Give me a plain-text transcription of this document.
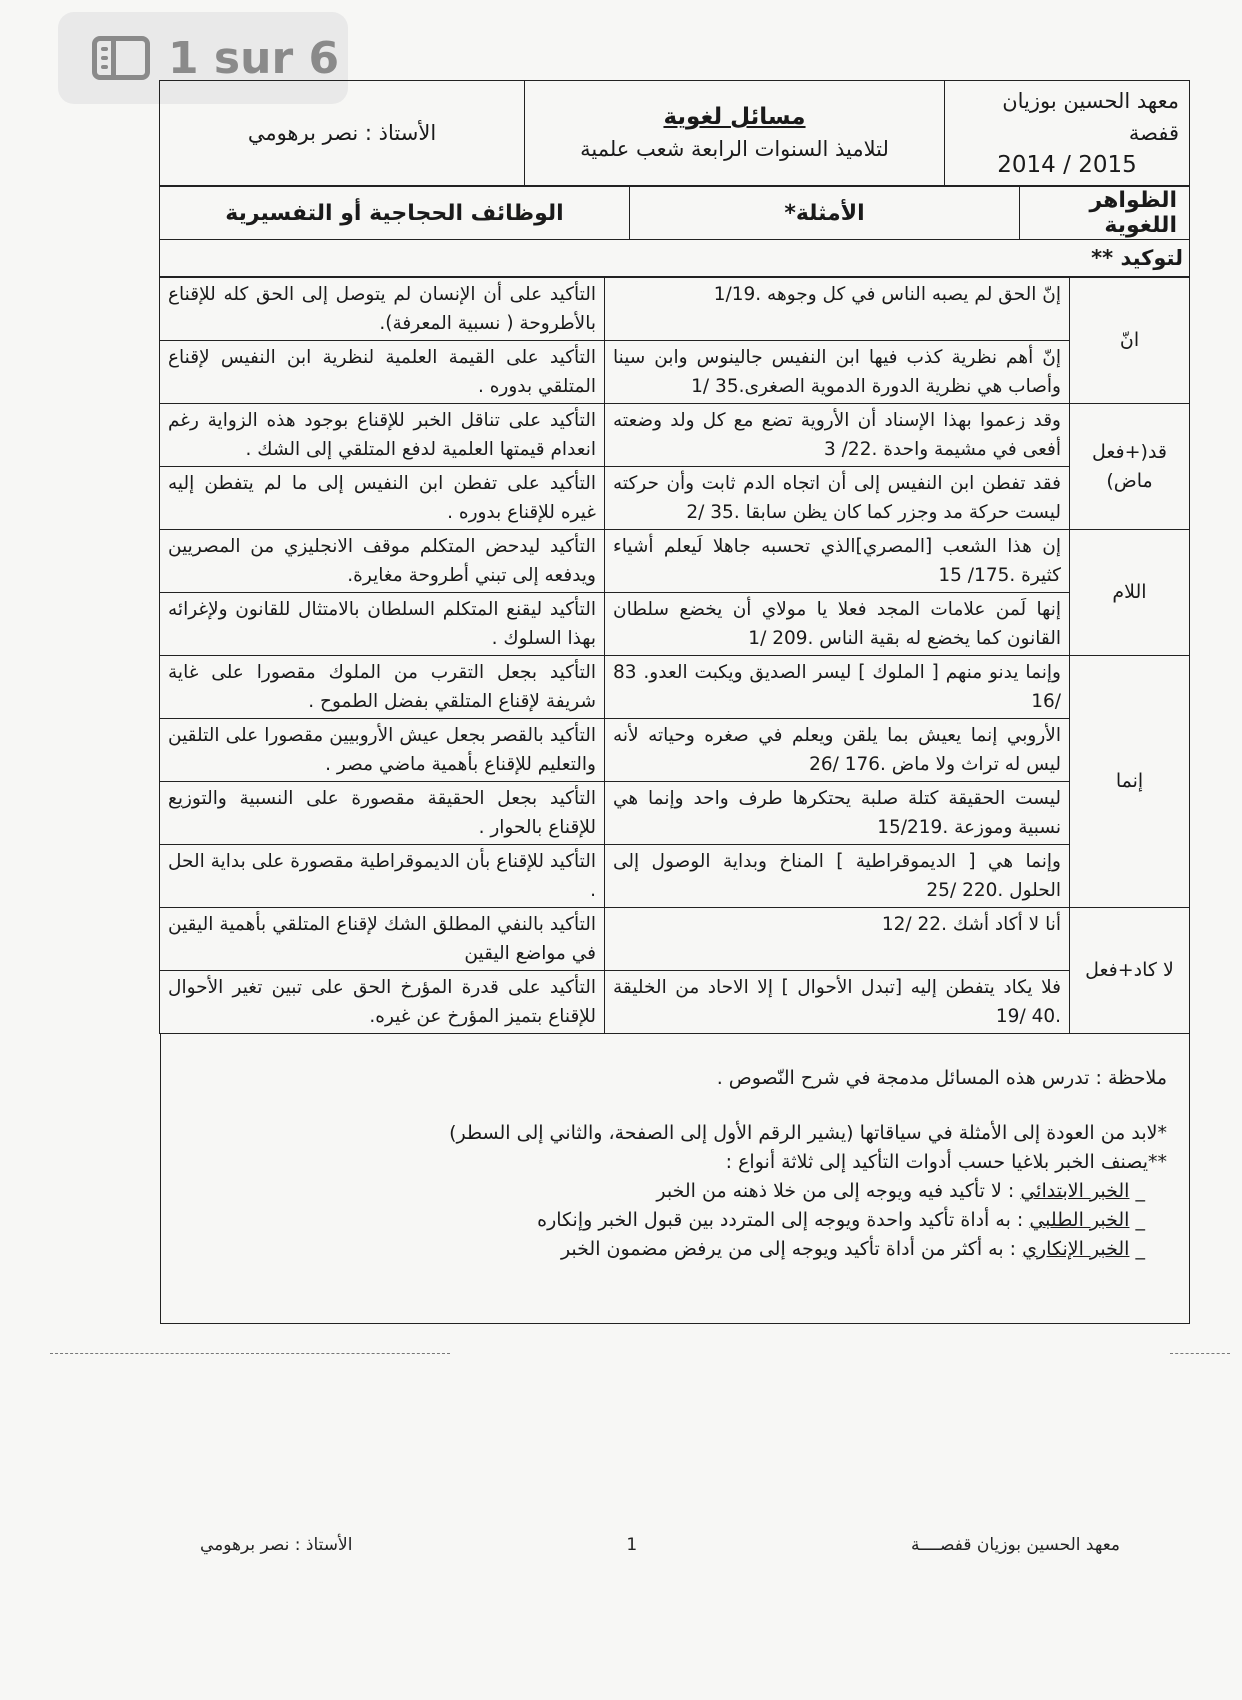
1 sur 6
معهد الحسين بوزيان قفصة
2015 / 2014

مسائل لغوية
لتلاميذ السنوات الرابعة شعب علمية
	الأستاذ : نصر برهومي
الظواهر اللغوية	الأمثلة*	الوظائف الحجاجية أو التفسيرية
لتوكيد **
انّ	إنّ الحق لم يصبه الناس في كل وجوهه .1/19	التأكيد على أن الإنسان لم يتوصل إلى الحق كله للإقناع بالأطروحة ( نسبية المعرفة).
	إنّ أهم نظرية كذب فيها ابن النفيس جالينوس وابن سينا وأصاب هي نظرية الدورة الدموية الصغرى.35 /1	التأكيد على القيمة العلمية لنظرية ابن النفيس لإقناع المتلقي بدوره .
قد(+فعل ماض)	وقد زعموا بهذا الإسناد أن الأروية تضع مع كل ولد وضعته أفعى في مشيمة واحدة .22/ 3	التأكيد على تناقل الخبر للإقناع بوجود هذه الزواية رغم انعدام قيمتها العلمية لدفع المتلقي إلى الشك .
	فقد تفطن ابن النفيس إلى أن اتجاه الدم ثابت وأن حركته ليست حركة مد وجزر كما كان يظن سابقا .35 /2	التأكيد على تفطن ابن النفيس إلى ما لم يتفطن إليه غيره للإقناع بدوره .
اللام	إن هذا الشعب [المصري]الذي تحسبه جاهلا لَيعلم أشياء كثيرة .175/ 15	التأكيد ليدحض المتكلم موقف الانجليزي من المصريين ويدفعه إلى تبني أطروحة مغايرة.
	إنها لَمن علامات المجد فعلا يا مولاي أن يخضع سلطان القانون كما يخضع له بقية الناس .209 /1	التأكيد ليقنع المتكلم السلطان بالامتثال للقانون ولإغرائه بهذا السلوك .
إنما	وإنما يدنو منهم [ الملوك ] ليسر الصديق ويكبت العدو. 83 /16	التأكيد بجعل التقرب من الملوك مقصورا على غاية شريفة لإقناع المتلقي بفضل الطموح .
	الأروبي إنما يعيش بما يلقن ويعلم في صغره وحياته لأنه ليس له تراث ولا ماض .176 /26	التأكيد بالقصر بجعل عيش الأروبيين مقصورا على التلقين والتعليم للإقناع بأهمية ماضي مصر .
	ليست الحقيقة كتلة صلبة يحتكرها طرف واحد وإنما هي نسبية وموزعة .15/219	التأكيد بجعل الحقيقة مقصورة على النسبية والتوزيع للإقناع بالحوار .
	وإنما هي [ الديموقراطية ] المناخ وبداية الوصول إلى الحلول .220 /25	التأكيد للإقناع بأن الديموقراطية مقصورة على بداية الحل .
لا كاد+فعل	أنا لا أكاد أشك .22 /12	التأكيد بالنفي المطلق الشك لإقناع المتلقي بأهمية اليقين في مواضع اليقين
	فلا يكاد يتفطن إليه [تبدل الأحوال ] إلا الاحاد من الخليقة .40 /19	التأكيد على قدرة المؤرخ الحق على تبين تغير الأحوال للإقناع بتميز المؤرخ عن غيره.

ملاحظة : تدرس هذه المسائل مدمجة في شرح النّصوص .

*لابد من العودة إلى الأمثلة في سياقاتها (يشير الرقم الأول إلى الصفحة، والثاني إلى السطر)

**يصنف الخبر بلاغيا حسب أدوات التأكيد إلى ثلاثة أنواع :

_ الخبر الابتدائي : لا تأكيد فيه ويوجه إلى من خلا ذهنه من الخبر

_ الخبر الطلبي : به أداة تأكيد واحدة ويوجه إلى المتردد بين قبول الخبر وإنكاره

_ الخبر الإنكاري : به أكثر من أداة تأكيد ويوجه إلى من يرفض مضمون الخبر

معهد الحسين بوزيان قفصــــة
1
الأستاذ : نصر برهومي
